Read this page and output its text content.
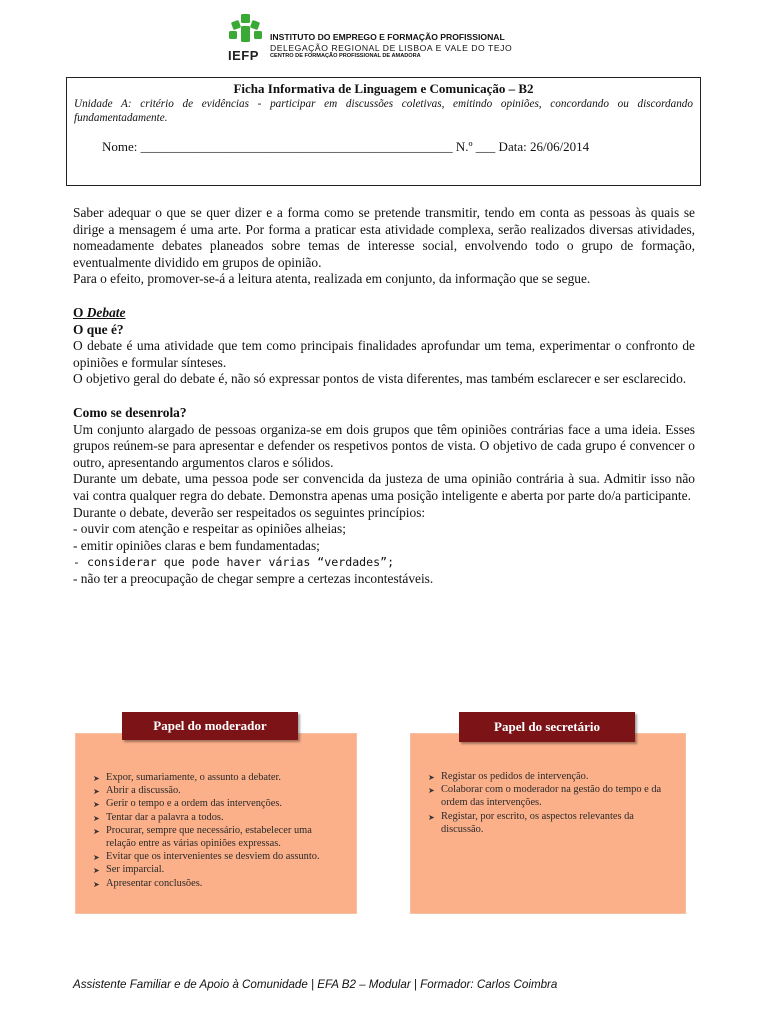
IEFP
INSTITUTO DO EMPREGO E FORMAÇÃO PROFISSIONAL
DELEGAÇÃO REGIONAL DE LISBOA E VALE DO TEJO
CENTRO DE FORMAÇÃO PROFISSIONAL DE AMADORA
Ficha Informativa de Linguagem e Comunicação – B2
Unidade A: critério de evidências - participar em discussões coletivas, emitindo opiniões, concordando ou discordando fundamentadamente.
Nome: ________________________________________________ N.º ___ Data: 26/06/2014

Saber adequar o que se quer dizer e a forma como se pretende transmitir, tendo em conta as pessoas às quais se dirige a mensagem é uma arte. Por forma a praticar esta atividade complexa, serão realizados diversas atividades, nomeadamente debates planeados sobre temas de interesse social, envolvendo todo o grupo de formação, eventualmente dividido em grupos de opinião.

Para o efeito, promover-se-á a leitura atenta, realizada em conjunto, da informação que se segue.

O Debate

O que é?

O debate é uma atividade que tem como principais finalidades aprofundar um tema, experimentar o confronto de opiniões e formular sínteses.

O objetivo geral do debate é, não só expressar pontos de vista diferentes, mas também esclarecer e ser esclarecido.

Como se desenrola?

Um conjunto alargado de pessoas organiza-se em dois grupos que têm opiniões contrárias face a uma ideia. Esses grupos reúnem-se para apresentar e defender os respetivos pontos de vista. O objetivo de cada grupo é convencer o outro, apresentando argumentos claros e sólidos.

Durante um debate, uma pessoa pode ser convencida da justeza de uma opinião contrária à sua. Admitir isso não vai contra qualquer regra do debate. Demonstra apenas uma posição inteligente e aberta por parte do/a participante.

Durante o debate, deverão ser respeitados os seguintes princípios:

- ouvir com atenção e respeitar as opiniões alheias;

- emitir opiniões claras e bem fundamentadas;

- considerar que pode haver várias “verdades”;

- não ter a preocupação de chegar sempre a certezas incontestáveis.

➤ Expor, sumariamente, o assunto a debater.
➤ Abrir a discussão.
➤ Gerir o tempo e a ordem das intervenções.
➤ Tentar dar a palavra a todos.
➤ Procurar, sempre que necessário, estabelecer uma relação entre as várias opiniões expressas.
➤ Evitar que os intervenientes se desviem do assunto.
➤ Ser imparcial.
➤ Apresentar conclusões.
Papel do moderador
➤ Registar os pedidos de intervenção.
➤ Colaborar com o moderador na gestão do tempo e da ordem das intervenções.
➤ Registar, por escrito, os aspectos relevantes da discussão.
Papel do secretário
Assistente Familiar e de Apoio à Comunidade | EFA B2 – Modular | Formador: Carlos Coimbra
